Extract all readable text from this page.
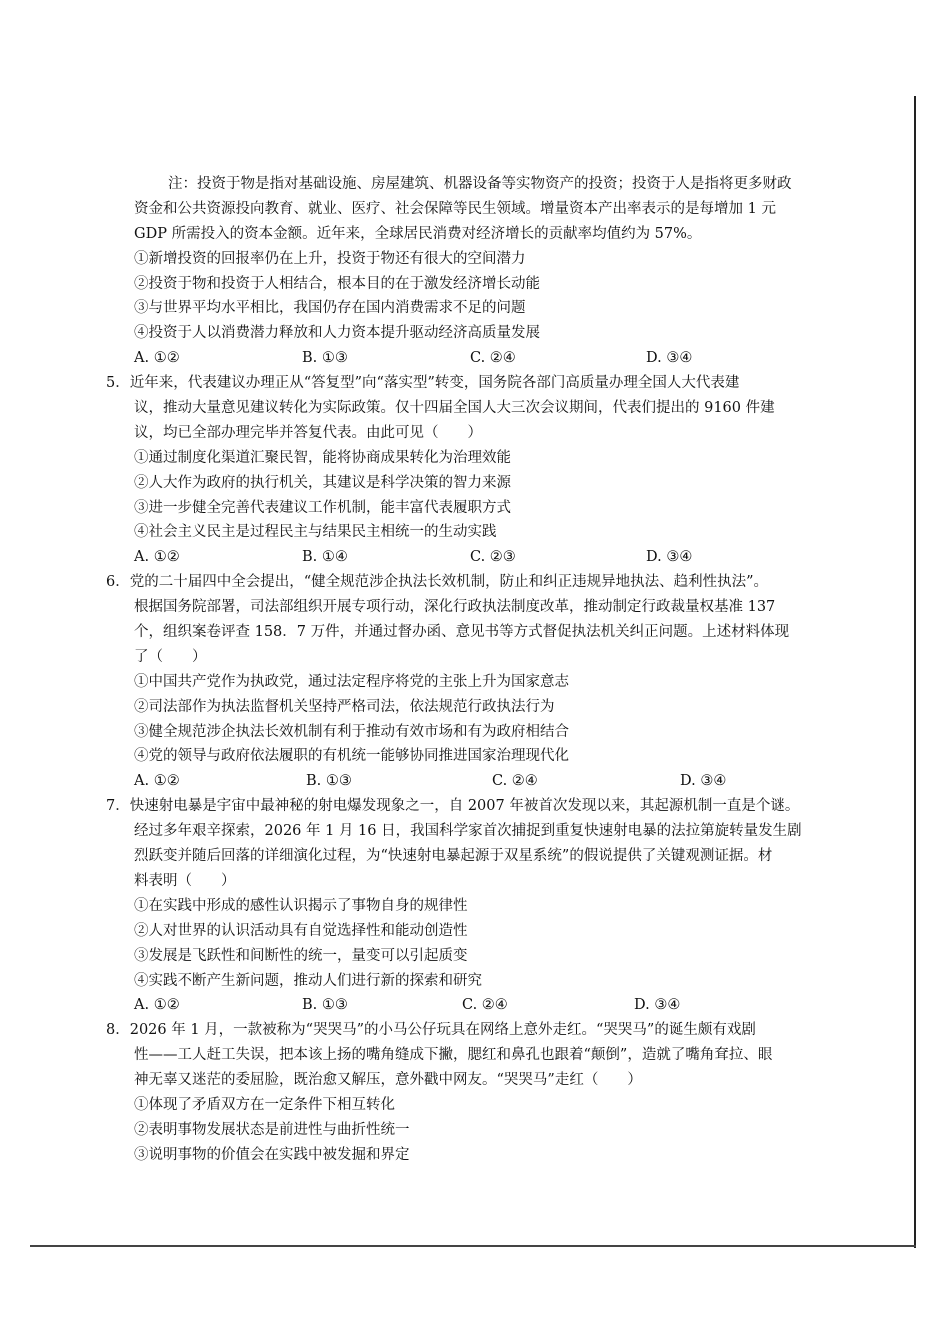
注：投资于物是指对基础设施、房屋建筑、机器设备等实物资产的投资；投资于人是指将更多财政
资金和公共资源投向教育、就业、医疗、社会保障等民生领域。增量资本产出率表示的是每增加 1 元
GDP 所需投入的资本金额。近年来，全球居民消费对经济增长的贡献率均值约为 57%。
①新增投资的回报率仍在上升，投资于物还有很大的空间潜力
②投资于物和投资于人相结合，根本目的在于激发经济增长动能
③与世界平均水平相比，我国仍存在国内消费需求不足的问题
④投资于人以消费潜力释放和人力资本提升驱动经济高质量发展
A. ①②	B. ①③	C. ②④	D. ③④
5．近年来，代表建议办理正从“答复型”向“落实型”转变，国务院各部门高质量办理全国人大代表建
议，推动大量意见建议转化为实际政策。仅十四届全国人大三次会议期间，代表们提出的 9160 件建
议，均已全部办理完毕并答复代表。由此可见（　　）
①通过制度化渠道汇聚民智，能将协商成果转化为治理效能
②人大作为政府的执行机关，其建议是科学决策的智力来源
③进一步健全完善代表建议工作机制，能丰富代表履职方式
④社会主义民主是过程民主与结果民主相统一的生动实践
A. ①②	B. ①④	C. ②③	D. ③④
6．党的二十届四中全会提出，“健全规范涉企执法长效机制，防止和纠正违规异地执法、趋利性执法”。
根据国务院部署，司法部组织开展专项行动，深化行政执法制度改革，推动制定行政裁量权基准 137
个，组织案卷评查 158．7 万件，并通过督办函、意见书等方式督促执法机关纠正问题。上述材料体现
了（　　）
①中国共产党作为执政党，通过法定程序将党的主张上升为国家意志
②司法部作为执法监督机关坚持严格司法，依法规范行政执法行为
③健全规范涉企执法长效机制有利于推动有效市场和有为政府相结合
④党的领导与政府依法履职的有机统一能够协同推进国家治理现代化
A. ①②	B. ①③	C. ②④	D. ③④
7．快速射电暴是宇宙中最神秘的射电爆发现象之一，自 2007 年被首次发现以来，其起源机制一直是个谜。
经过多年艰辛探索，2026 年 1 月 16 日，我国科学家首次捕捉到重复快速射电暴的法拉第旋转量发生剧
烈跃变并随后回落的详细演化过程，为“快速射电暴起源于双星系统”的假说提供了关键观测证据。材
料表明（　　）
①在实践中形成的感性认识揭示了事物自身的规律性
②人对世界的认识活动具有自觉选择性和能动创造性
③发展是飞跃性和间断性的统一，量变可以引起质变
④实践不断产生新问题，推动人们进行新的探索和研究
A. ①②	B. ①③	C. ②④	D. ③④
8．2026 年 1 月，一款被称为“哭哭马”的小马公仔玩具在网络上意外走红。“哭哭马”的诞生颇有戏剧
性——工人赶工失误，把本该上扬的嘴角缝成下撇，腮红和鼻孔也跟着“颠倒”，造就了嘴角耷拉、眼
神无辜又迷茫的委屈脸，既治愈又解压，意外戳中网友。“哭哭马”走红（　　）
①体现了矛盾双方在一定条件下相互转化
②表明事物发展状态是前进性与曲折性统一
③说明事物的价值会在实践中被发掘和界定
